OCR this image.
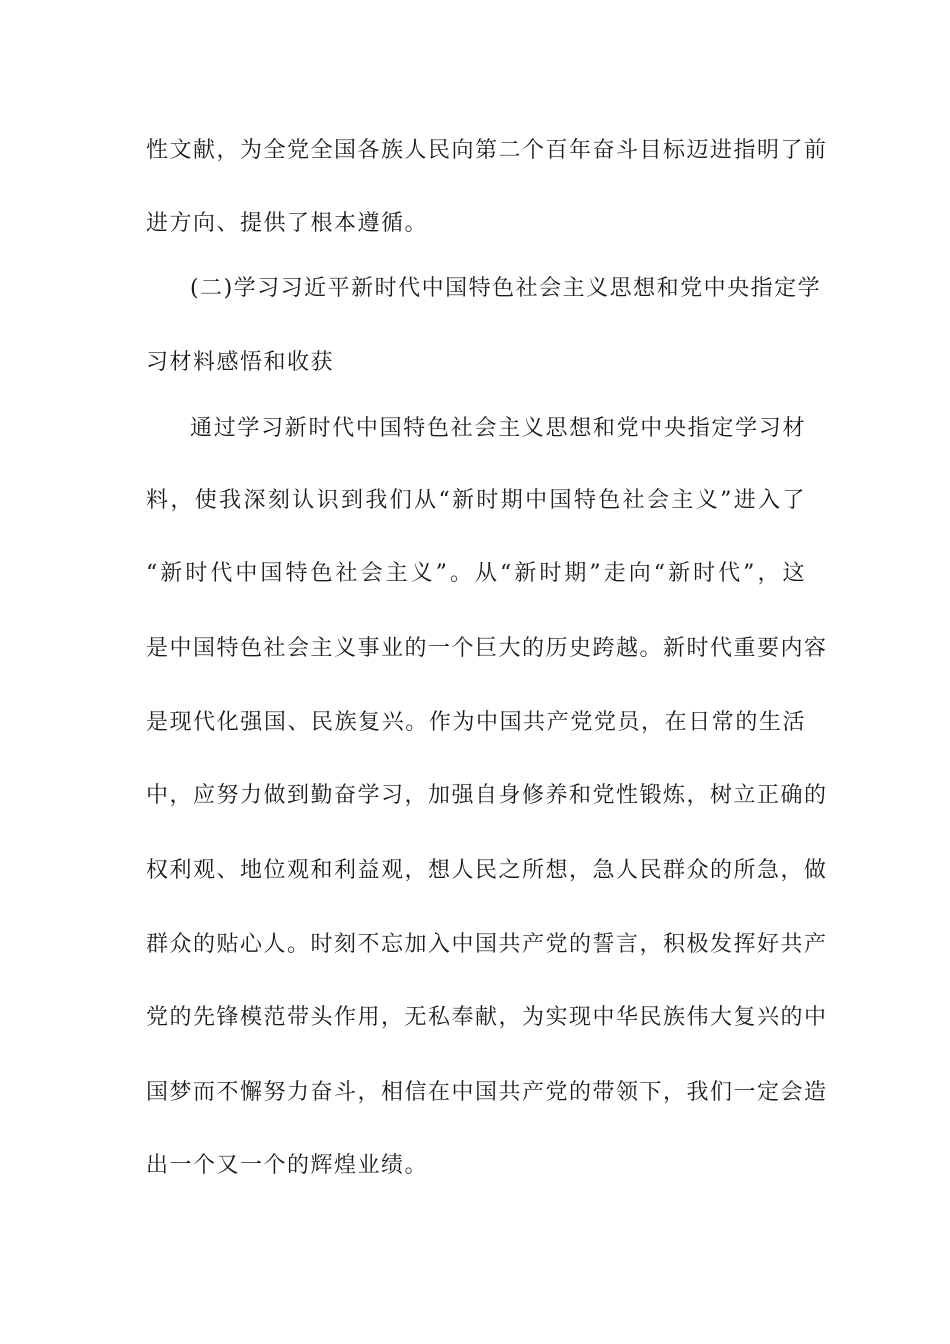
性文献，为全党全国各族人民向第二个百年奋斗目标迈进指明了前
进方向、提供了根本遵循。
(二)学习习近平新时代中国特色社会主义思想和党中央指定学
习材料感悟和收获
通过学习新时代中国特色社会主义思想和党中央指定学习材
料，使我深刻认识到我们从“新时期中国特色社会主义”进入了
“新时代中国特色社会主义”。从“新时期”走向“新时代”，这
是中国特色社会主义事业的一个巨大的历史跨越。新时代重要内容
是现代化强国、民族复兴。作为中国共产党党员，在日常的生活
中，应努力做到勤奋学习，加强自身修养和党性锻炼，树立正确的
权利观、地位观和利益观，想人民之所想，急人民群众的所急，做
群众的贴心人。时刻不忘加入中国共产党的誓言，积极发挥好共产
党的先锋模范带头作用，无私奉献，为实现中华民族伟大复兴的中
国梦而不懈努力奋斗，相信在中国共产党的带领下，我们一定会造
出一个又一个的辉煌业绩。
